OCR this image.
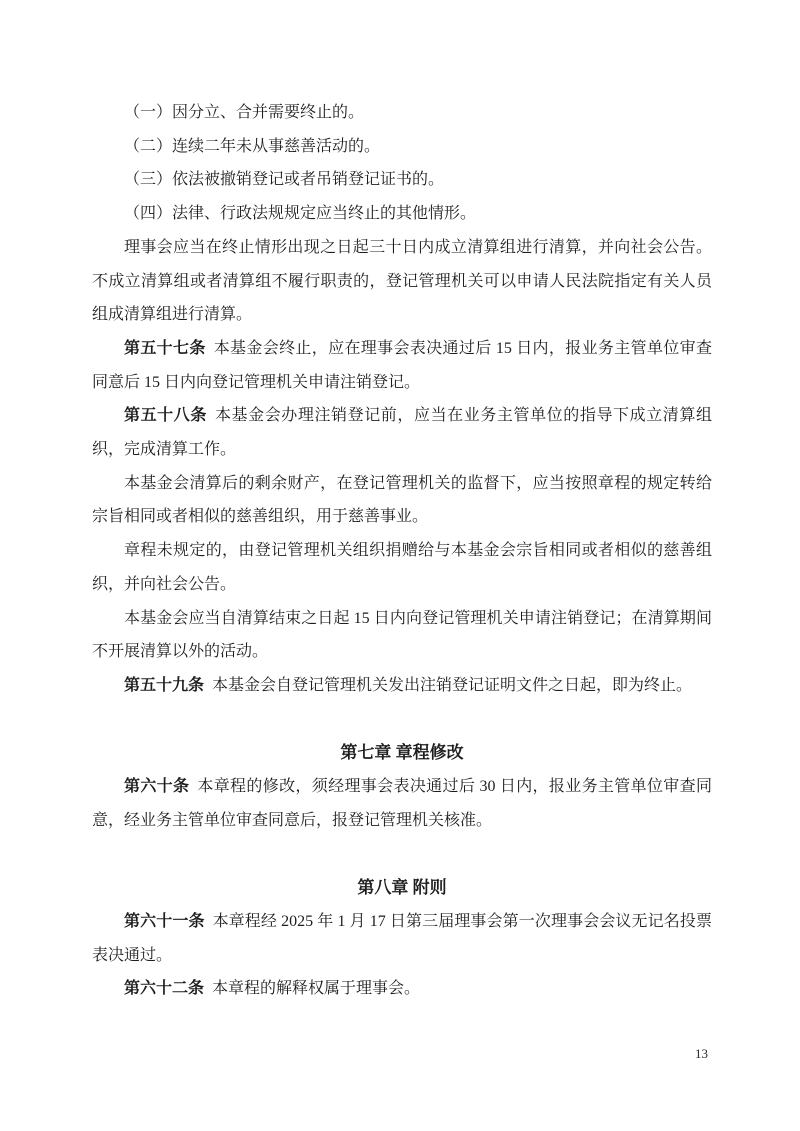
（一）因分立、合并需要终止的。

（二）连续二年未从事慈善活动的。

（三）依法被撤销登记或者吊销登记证书的。

（四）法律、行政法规规定应当终止的其他情形。

理事会应当在终止情形出现之日起三十日内成立清算组进行清算，并向社会公告。不成立清算组或者清算组不履行职责的，登记管理机关可以申请人民法院指定有关人员组成清算组进行清算。

第五十七条 本基金会终止，应在理事会表决通过后 15 日内，报业务主管单位审查同意后 15 日内向登记管理机关申请注销登记。

第五十八条 本基金会办理注销登记前，应当在业务主管单位的指导下成立清算组织，完成清算工作。

本基金会清算后的剩余财产，在登记管理机关的监督下，应当按照章程的规定转给宗旨相同或者相似的慈善组织，用于慈善事业。

章程未规定的，由登记管理机关组织捐赠给与本基金会宗旨相同或者相似的慈善组织，并向社会公告。

本基金会应当自清算结束之日起 15 日内向登记管理机关申请注销登记；在清算期间不开展清算以外的活动。

第五十九条 本基金会自登记管理机关发出注销登记证明文件之日起，即为终止。

第七章 章程修改

第六十条 本章程的修改，须经理事会表决通过后 30 日内，报业务主管单位审查同意，经业务主管单位审查同意后，报登记管理机关核准。

第八章 附则

第六十一条 本章程经 2025 年 1 月 17 日第三届理事会第一次理事会会议无记名投票表决通过。

第六十二条 本章程的解释权属于理事会。

13
